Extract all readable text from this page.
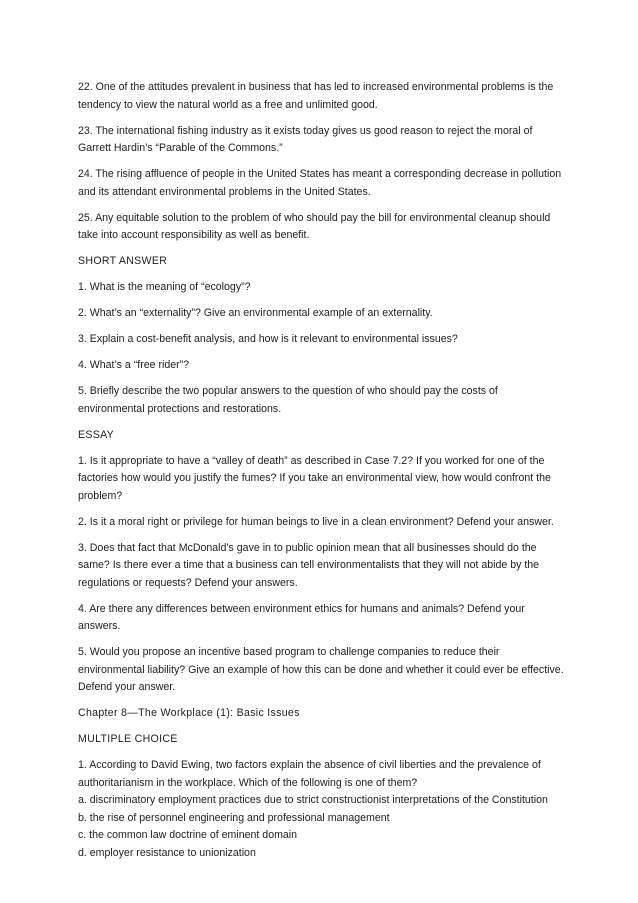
22. One of the attitudes prevalent in business that has led to increased environmental problems is the tendency to view the natural world as a free and unlimited good.

23. The international fishing industry as it exists today gives us good reason to reject the moral of Garrett Hardin’s “Parable of the Commons.”

24. The rising affluence of people in the United States has meant a corresponding decrease in pollution and its attendant environmental problems in the United States.

25. Any equitable solution to the problem of who should pay the bill for environmental cleanup should take into account responsibility as well as benefit.

SHORT ANSWER

1. What is the meaning of “ecology”?

2. What’s an “externality”? Give an environmental example of an externality.

3. Explain a cost-benefit analysis, and how is it relevant to environmental issues?

4. What’s a “free rider”?

5. Briefly describe the two popular answers to the question of who should pay the costs of environmental protections and restorations.

ESSAY

1. Is it appropriate to have a “valley of death” as described in Case 7.2? If you worked for one of the factories how would you justify the fumes? If you take an environmental view, how would confront the problem?

2. Is it a moral right or privilege for human beings to live in a clean environment? Defend your answer.

3. Does that fact that McDonald’s gave in to public opinion mean that all businesses should do the same? Is there ever a time that a business can tell environmentalists that they will not abide by the regulations or requests? Defend your answers.

4. Are there any differences between environment ethics for humans and animals? Defend your answers.

5. Would you propose an incentive based program to challenge companies to reduce their environmental liability? Give an example of how this can be done and whether it could ever be effective. Defend your answer.

Chapter 8—The Workplace (1): Basic Issues

MULTIPLE CHOICE

1. According to David Ewing, two factors explain the absence of civil liberties and the prevalence of authoritarianism in the workplace. Which of the following is one of them?

a. discriminatory employment practices due to strict constructionist interpretations of the Constitution

b. the rise of personnel engineering and professional management

c. the common law doctrine of eminent domain

d. employer resistance to unionization
